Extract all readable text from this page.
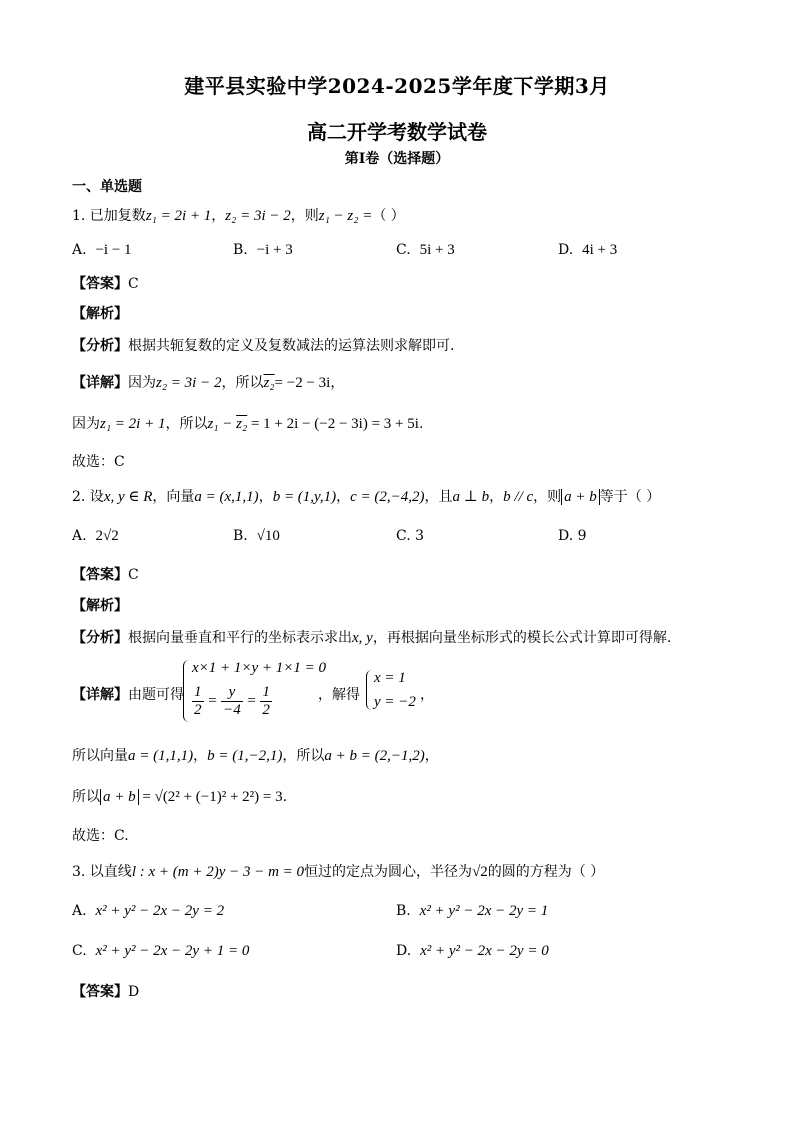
建平县实验中学2024-2025学年度下学期3月
高二开学考数学试卷
第Ⅰ卷（选择题）
一、单选题
1. 已加复数z₁ = 2i + 1，z₂ = 3i − 2，则z₁ − z₂ =（ ）
A. −i − 1	B. −i + 3	C. 5i + 3	D. 4i + 3
【答案】C
【解析】
【分析】根据共轭复数的定义及复数减法的运算法则求解即可.
【详解】因为z₂ = 3i − 2，所以z₂= −2 − 3i，
因为z₁ = 2i + 1，所以z₁ − z₂ = 1 + 2i − (−2 − 3i) = 3 + 5i.
故选：C
2. 设x, y ∈ R，向量a = (x,1,1)，b = (1,y,1)，c = (2,−4,2)，且a ⊥ b，b // c，则 a + b 等于（ ）
A. 2√2	B. √10	C. 3	D. 9
【答案】C
【解析】
【分析】根据向量垂直和平行的坐标表示求出x, y，再根据向量坐标形式的模长公式计算即可得解.
【详解】由题可得
x×1 + 1×y + 1×1 = 0
$\frac{1}{2} = \frac{y}{-4} = \frac{1}{2}$	，解得
x = 1
y = −2 ，
所以向量a = (1,1,1)，b = (1,−2,1)，所以a + b = (2,−1,2)，
所以 a + b = √(2² + (−1)² + 2²) = 3.
故选：C.
3. 以直线l : x + (m + 2)y − 3 − m = 0恒过的定点为圆心，半径为√2的圆的方程为（ ）
A. x² + y² − 2x − 2y = 2	B. x² + y² − 2x − 2y = 1
C. x² + y² − 2x − 2y + 1 = 0	D. x² + y² − 2x − 2y = 0
【答案】D
